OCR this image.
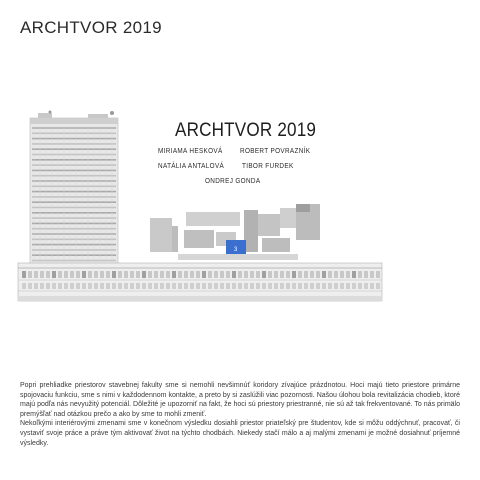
ARCHTVOR 2019
3
ARCHTVOR 2019
MIRIAMA HESKOVÁ ROBERT POVRAZNÍK
NATÁLIA ANTALOVÁ TIBOR FURDEK
ONDREJ GONDA

Popri prehliadke priestorov stavebnej fakulty sme si nemohli nevšimnúť koridory zívajúce prázdnotou. Hoci majú tieto priestore primárne spojovaciu funkciu, sme s nimi v každodennom kontakte, a preto by si zaslúžili viac pozornosti. Našou úlohou bola revitalizácia chodieb, ktoré majú podľa nás nevyužitý potenciál. Dôležité je upozorniť na fakt, že hoci sú priestory priestranné, nie sú až tak frekventované. To nás primälo premýšľať nad otázkou prečo a ako by sme to mohli zmeniť.

Nekoľkými interiérovými zmenami sme v konečnom výsledku dosiahli priestor priateľský pre študentov, kde si môžu oddýchnuť, pracovať, či vystaviť svoje práce a práve tým aktivovať život na týchto chodbách. Niekedy stačí málo a aj malými zmenami je možné dosiahnuť príjemné výsledky.
